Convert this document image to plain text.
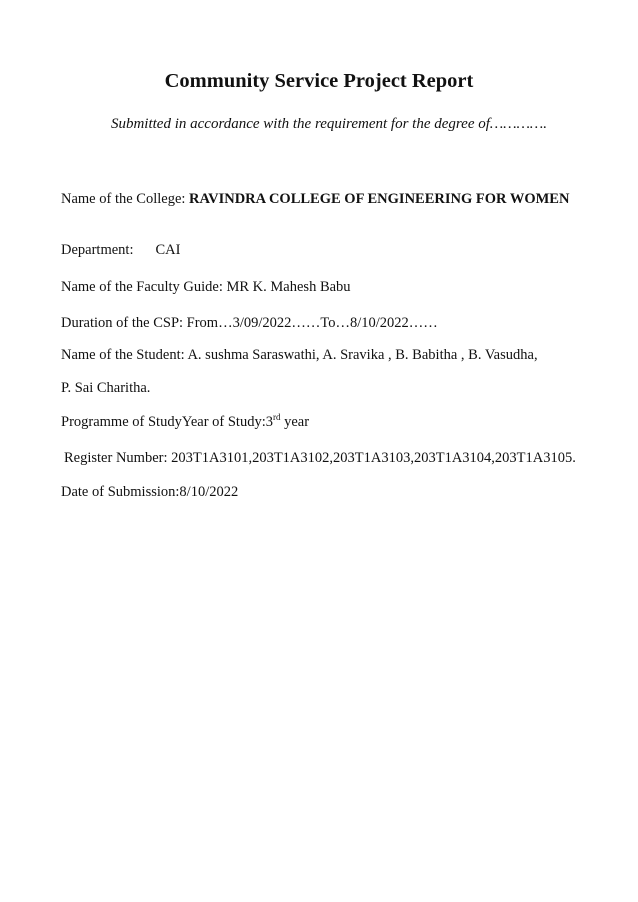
Community Service Project Report
Submitted in accordance with the requirement for the degree of………….
Name of the College: RAVINDRA COLLEGE OF ENGINEERING FOR WOMEN
Department: CAI
Name of the Faculty Guide: MR K. Mahesh Babu
Duration of the CSP: From…3/09/2022……To…8/10/2022……
Name of the Student: A. sushma Saraswathi, A. Sravika , B. Babitha , B. Vasudha,
P. Sai Charitha.
Programme of StudyYear of Study:3rd year
Register Number: 203T1A3101,203T1A3102,203T1A3103,203T1A3104,203T1A3105.
Date of Submission:8/10/2022
